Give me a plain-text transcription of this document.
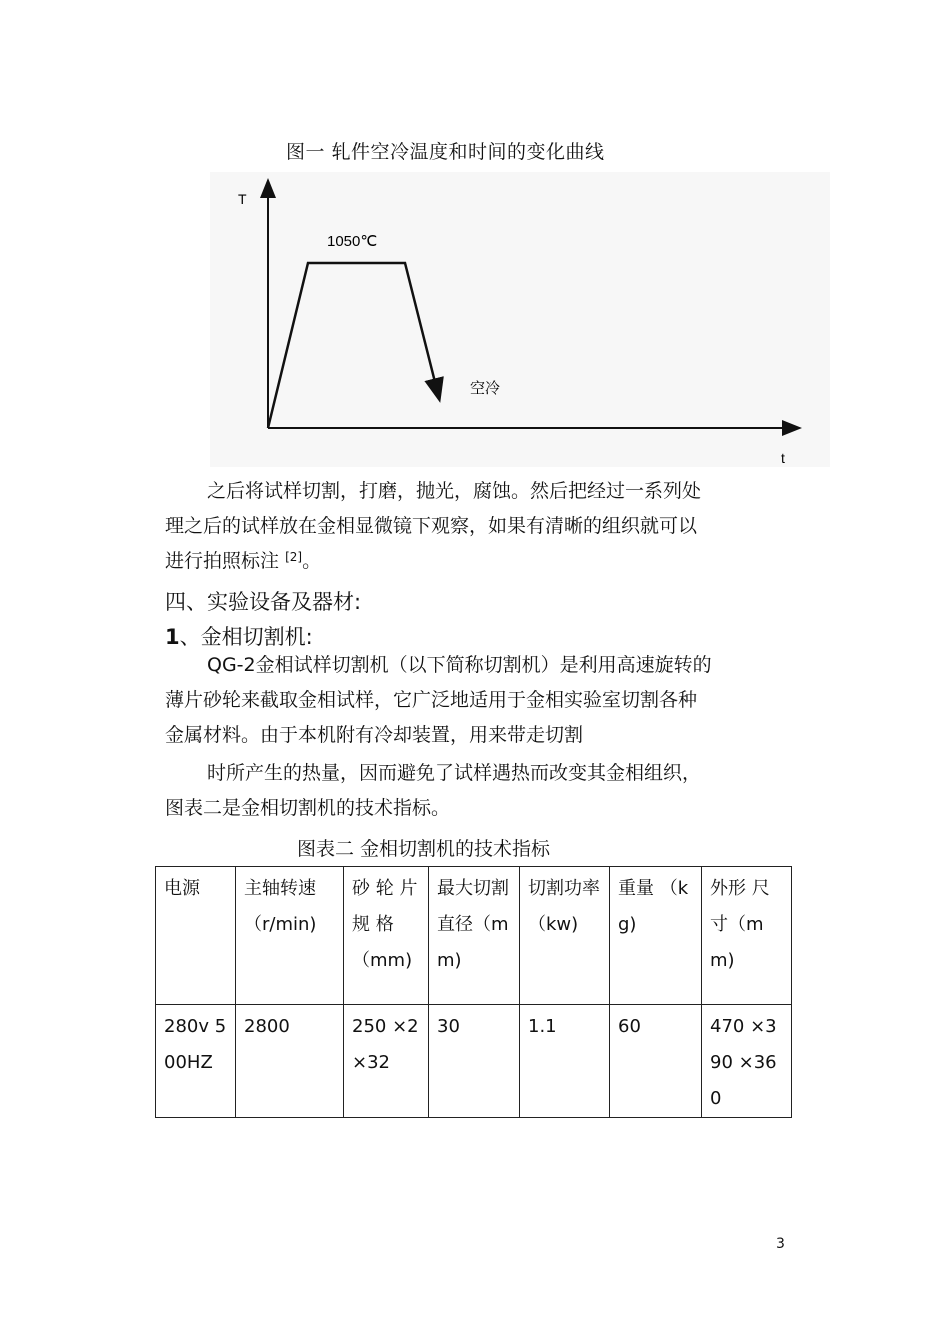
图一 轧件空冷温度和时间的变化曲线
T
t
1050℃
空冷
之后将试样切割，打磨，抛光，腐蚀。然后把经过一系列处
理之后的试样放在金相显微镜下观察，如果有清晰的组织就可以
进行拍照标注 [2]。
四、实验设备及器材:
1、金相切割机:
QG-2金相试样切割机（以下简称切割机）是利用高速旋转的
薄片砂轮来截取金相试样，它广泛地适用于金相实验室切割各种
金属材料。由于本机附有冷却装置，用来带走切割
时所产生的热量，因而避免了试样遇热而改变其金相组织，
图表二是金相切割机的技术指标。
图表二 金相切割机的技术指标
电源	主轴转速（r/min)	砂 轮 片 规 格 （mm)	最大切割直径（mm)	切割功率（kw)	重量 （kg)	外形 尺寸（mm)
280v 500HZ	2800	250 ×2×32	30	1.1	60	470 ×390 ×360
3
